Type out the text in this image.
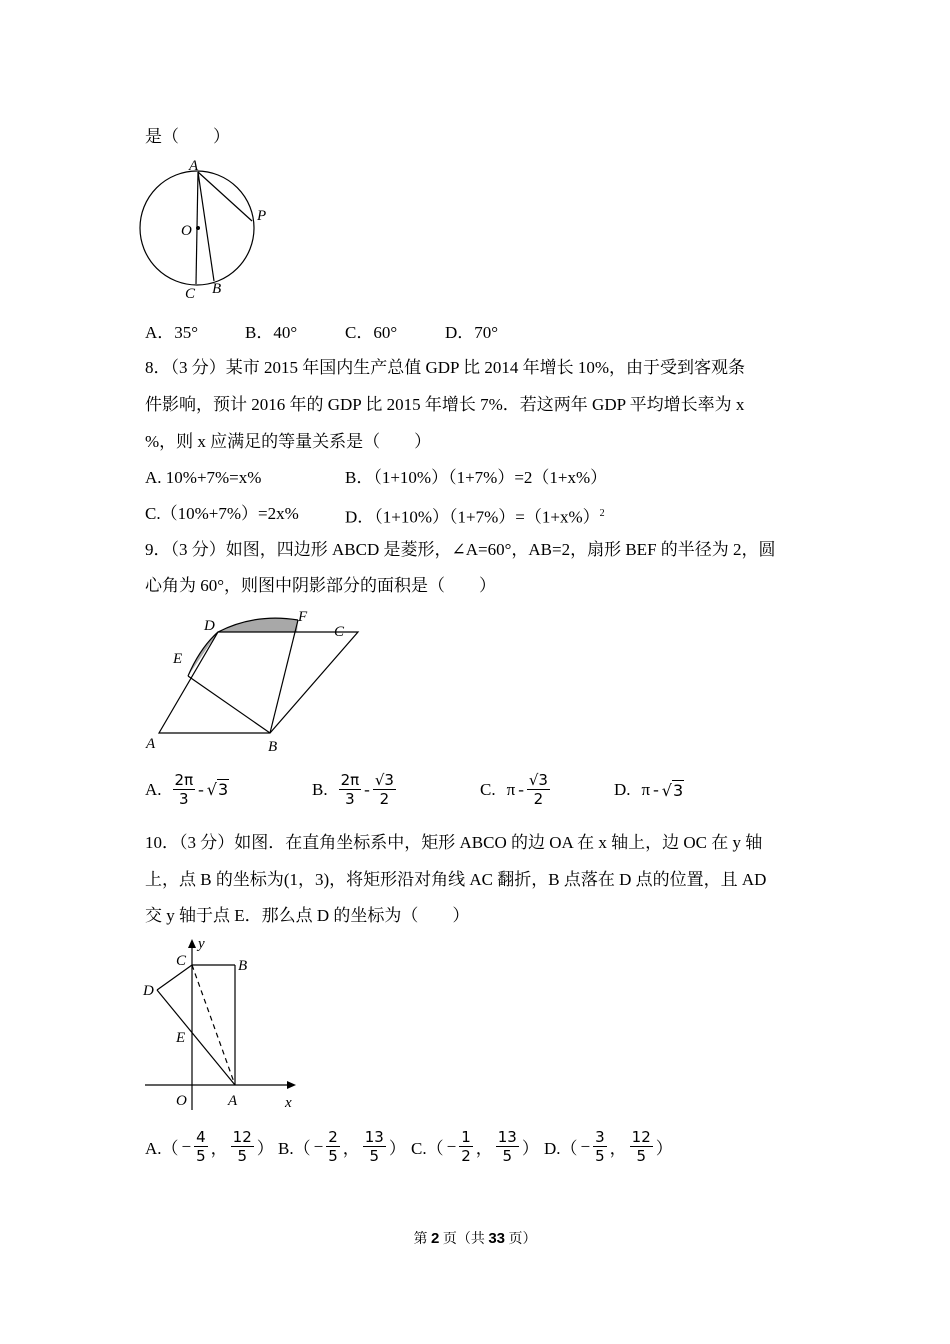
是（　　）
A
O
P
C B
A．35°	B．40°	C．60°	D．70°
8．（3 分）某市 2015 年国内生产总值 GDP 比 2014 年增长 10%，由于受到客观条
件影响，预计 2016 年的 GDP 比 2015 年增长 7%．若这两年 GDP 平均增长率为 x
%，则 x 应满足的等量关系是（　　）
A. 10%+7%=x%	B．（1+10%）（1+7%）=2（1+x%）
C.（10%+7%）=2x%	D．$(1+10\%)(1+7\%)=(1+x\%)^2$
9．（3 分）如图，四边形 ABCD 是菱形，∠A=60°，AB=2，扇形 BEF 的半径为 2，圆
心角为 60°，则图中阴影部分的面积是（　　）
D
F
C
E
A	B
A. $\frac{2\pi}{3} - √3$	B. $\frac{2\pi}{3} - \frac{√3}{2}$	C. π - $\frac{√3}{2}$	D. π - √3
10．（3 分）如图．在直角坐标系中，矩形 ABCO 的边 OA 在 x 轴上，边 OC 在 y 轴
上，点 B 的坐标为(1，3)，将矩形沿对角线 AC 翻折，B 点落在 D 点的位置，且 AD
交 y 轴于点 E．那么点 D 的坐标为（　　）
y
C	B
D
E
O	A	x
$A.( - \frac{4}{5}$ ， $\frac{12}{5}$ ） $B.( - \frac{2}{5}$ ， $\frac{13}{5}$ ） $C.( - \frac{1}{2}$ ， $\frac{13}{5}$ ） $D.( - \frac{3}{5}$ ， $\frac{12}{5}$ ）
第 2 页（共 33 页）
